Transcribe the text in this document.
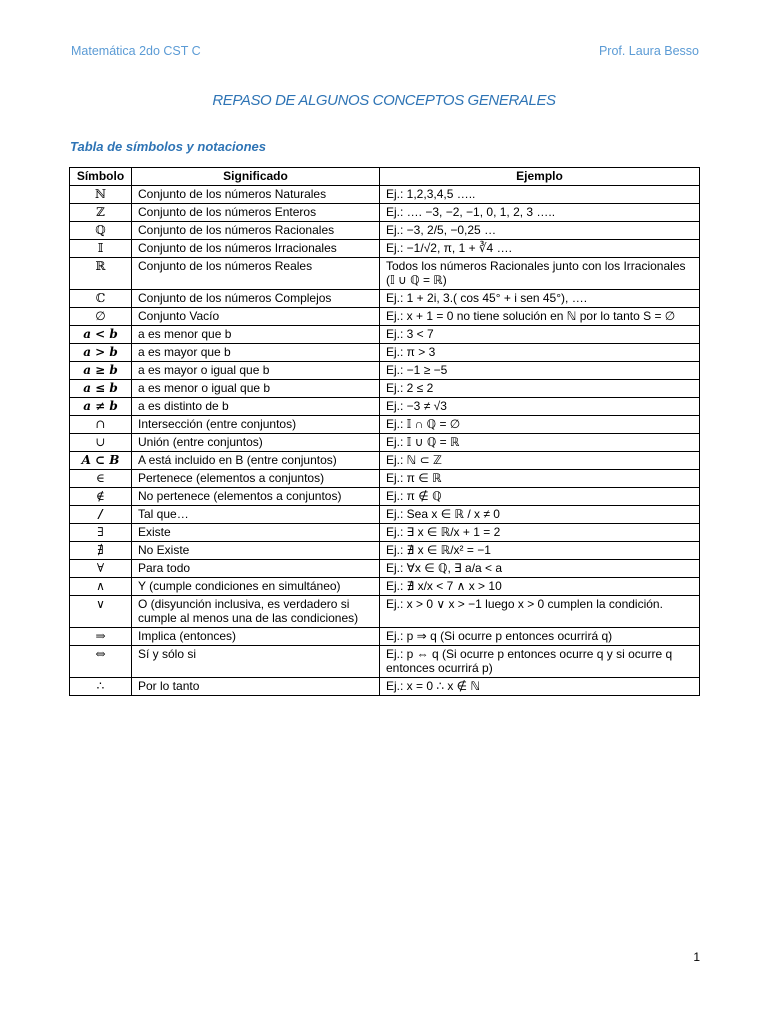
Matemática 2do CST C	Prof. Laura Besso
REPASO DE ALGUNOS CONCEPTOS GENERALES
Tabla de símbolos y notaciones
Símbolo	Significado	Ejemplo
ℕ	Conjunto de los números Naturales	Ej.: 1,2,3,4,5 …..
ℤ	Conjunto de los números Enteros	Ej.: …. −3, −2, −1, 0, 1, 2, 3 …..
ℚ	Conjunto de los números Racionales	Ej.: −3, 2/5, −0,25 …
𝕀	Conjunto de los números Irracionales	Ej.: −1/√2, π, 1 + ∛4 ….
ℝ	Conjunto de los números Reales	Todos los números Racionales junto con los Irracionales (𝕀 ∪ ℚ = ℝ)
ℂ	Conjunto de los números Complejos	Ej.: 1 + 2i, 3.( cos 45° + i sen 45°), ….
∅	Conjunto Vacío	Ej.: x + 1 = 0 no tiene solución en ℕ por lo tanto S = ∅
a < b	a es menor que b	Ej.: 3 < 7
a > b	a es mayor que b	Ej.: π > 3
a ≥ b	a es mayor o igual que b	Ej.: −1 ≥ −5
a ≤ b	a es menor o igual que b	Ej.: 2 ≤ 2
a ≠ b	a es distinto de b	Ej.: −3 ≠ √3
∩	Intersección (entre conjuntos)	Ej.: 𝕀 ∩ ℚ = ∅
∪	Unión (entre conjuntos)	Ej.: 𝕀 ∪ ℚ = ℝ
A ⊂ B	A está incluido en B (entre conjuntos)	Ej.: ℕ ⊂ ℤ
∈	Pertenece (elementos a conjuntos)	Ej.: π ∈ ℝ
∉	No pertenece (elementos a conjuntos)	Ej.: π ∉ ℚ
/	Tal que…	Ej.: Sea x ∈ ℝ / x ≠ 0
∃	Existe	Ej.: ∃ x ∈ ℝ/x + 1 = 2
∄	No Existe	Ej.: ∄ x ∈ ℝ/x² = −1
∀	Para todo	Ej.: ∀x ∈ ℚ, ∃ a/a < a
∧	Y (cumple condiciones en simultáneo)	Ej.: ∄ x/x < 7 ∧ x > 10
∨	O (disyunción inclusiva, es verdadero si cumple al menos una de las condiciones)	Ej.: x > 0 ∨ x > −1 luego x > 0 cumplen la condición.
⇒	Implica (entonces)	Ej.: p ⇒ q (Si ocurre p entonces ocurrirá q)
⇔	Sí y sólo si	Ej.: p ⇔ q (Si ocurre p entonces ocurre q y si ocurre q entonces ocurrirá p)
∴	Por lo tanto	Ej.: x = 0 ∴ x ∉ ℕ
1
